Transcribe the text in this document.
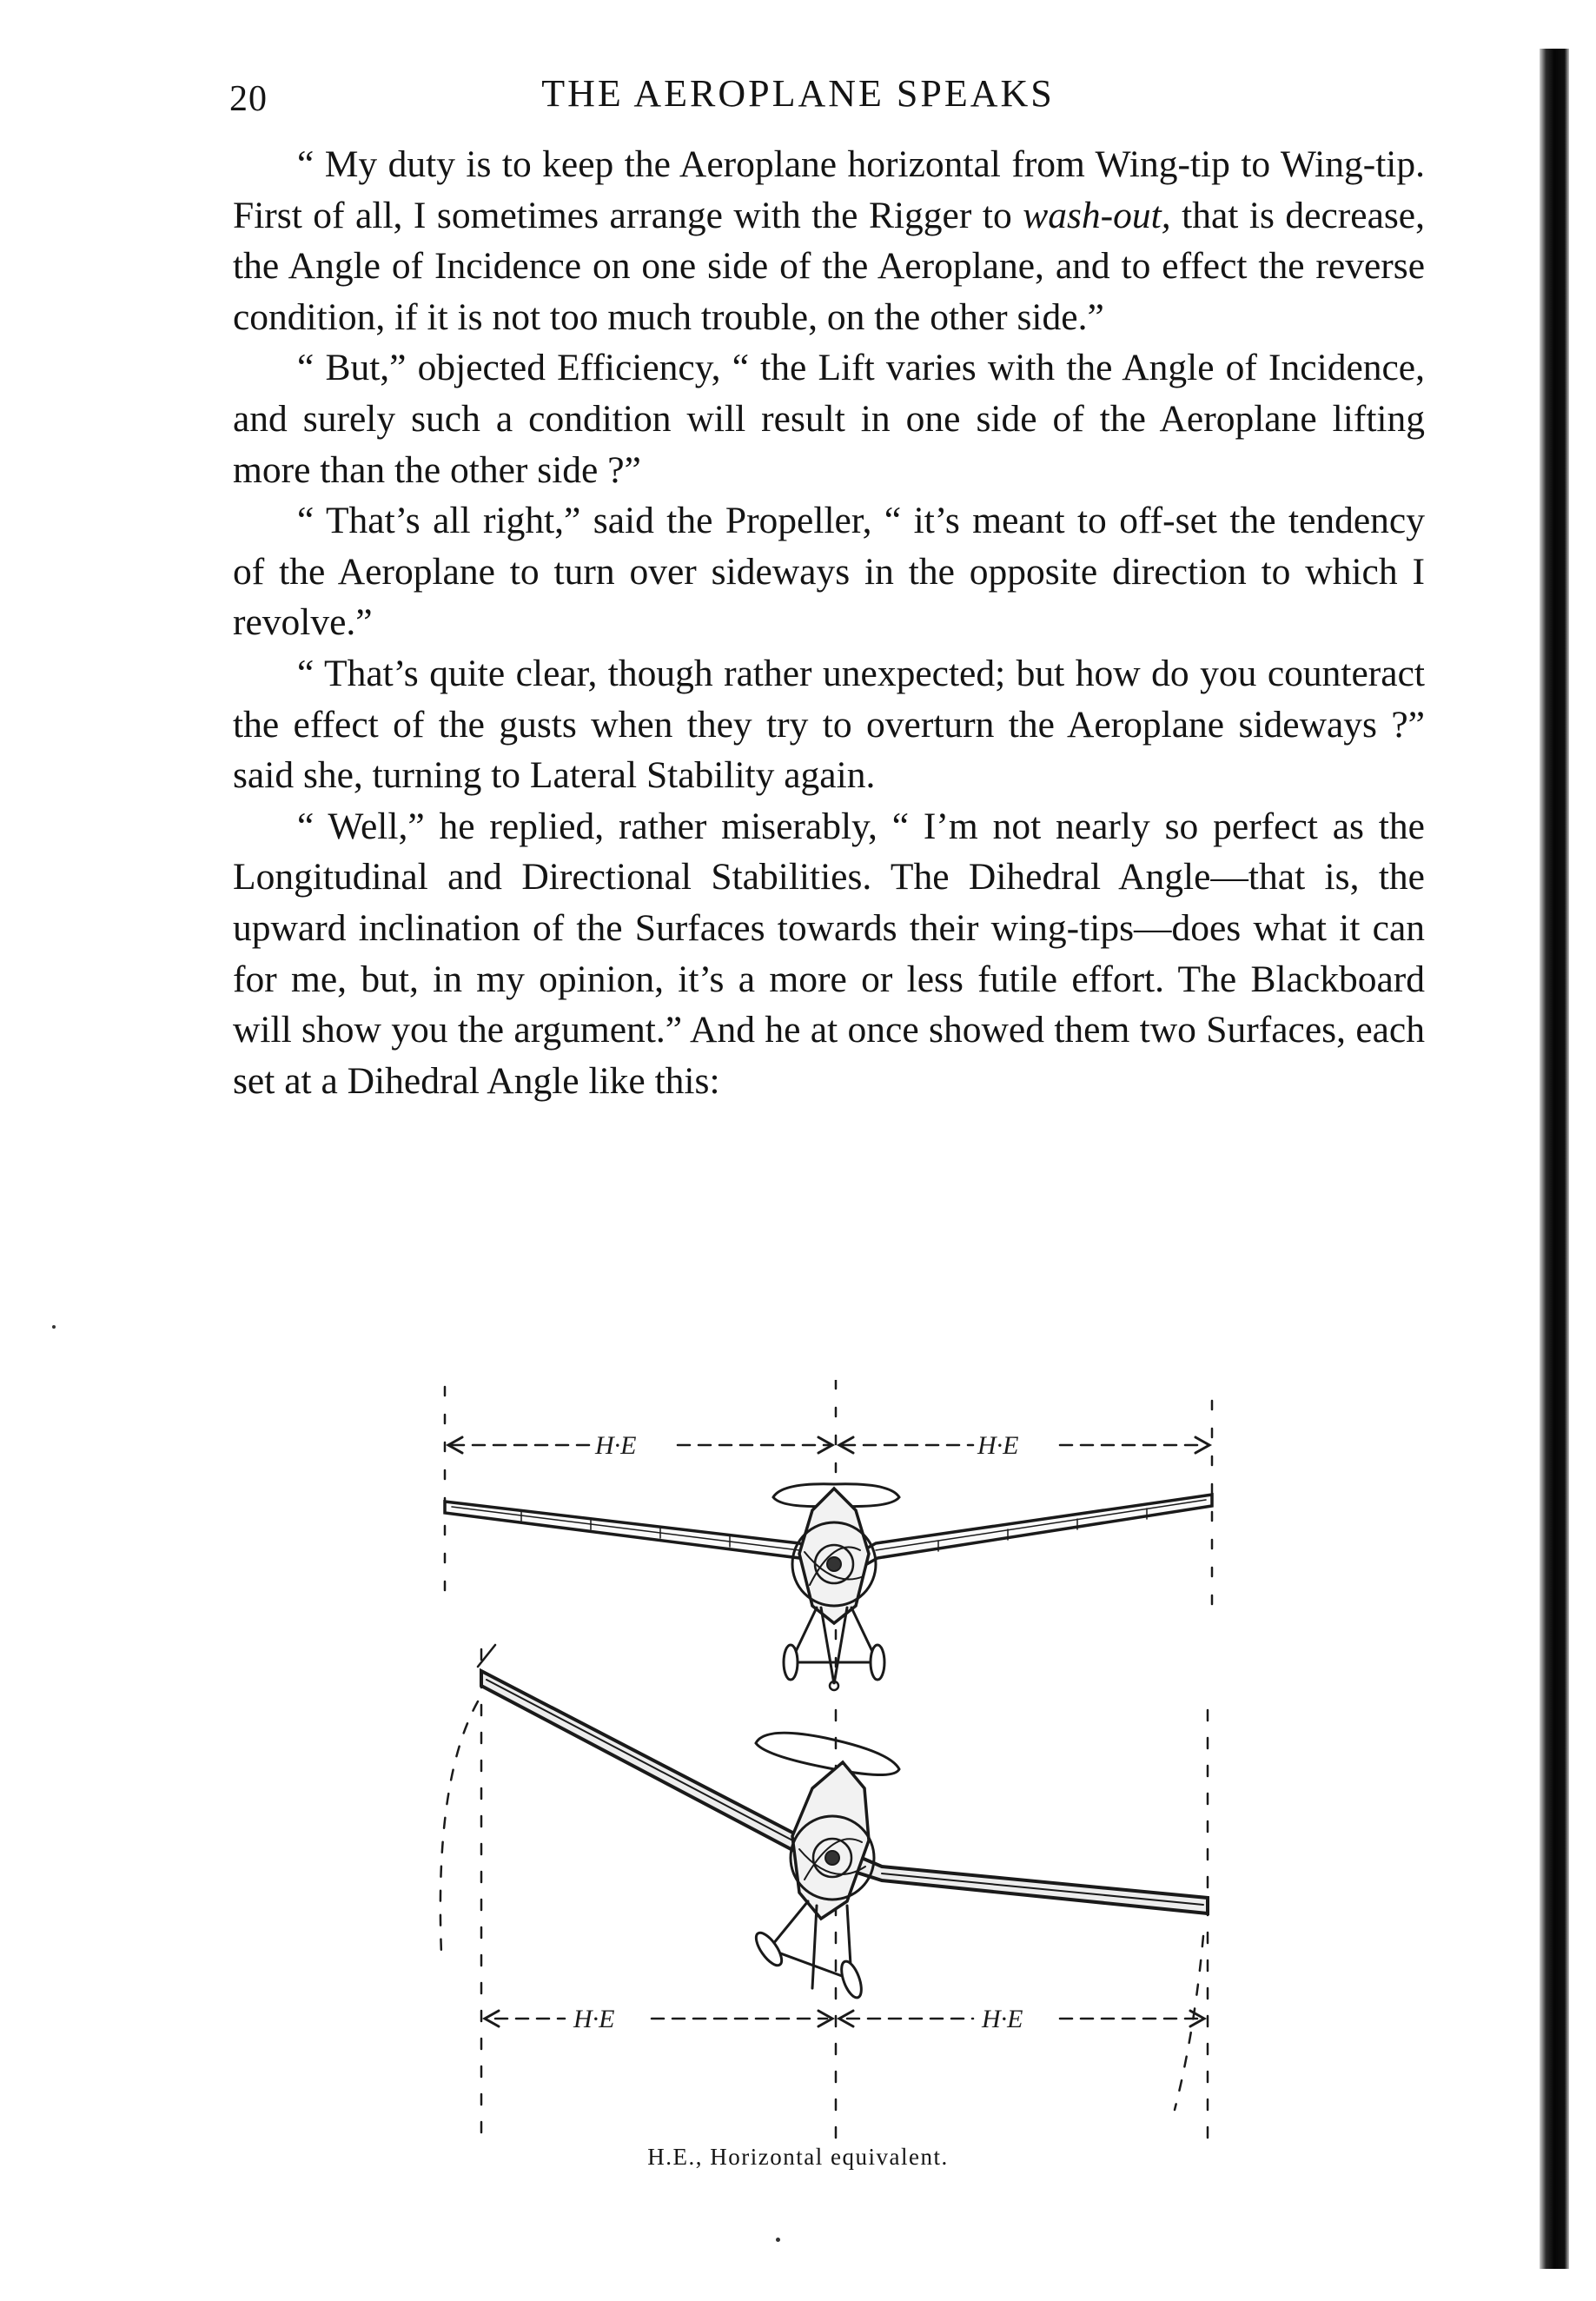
20	THE AEROPLANE SPEAKS

“ My duty is to keep the Aeroplane horizontal from Wing-tip to Wing-tip. First of all, I sometimes arrange with the Rigger to wash-out, that is decrease, the Angle of Incidence on one side of the Aeroplane, and to effect the reverse condition, if it is not too much trouble, on the other side.”

“ But,” objected Efficiency, “ the Lift varies with the Angle of Incidence, and surely such a condition will result in one side of the Aeroplane lifting more than the other side ?”

“ That’s all right,” said the Propeller, “ it’s meant to off-set the tendency of the Aeroplane to turn over sideways in the opposite direction to which I revolve.”

“ That’s quite clear, though rather unexpected; but how do you counteract the effect of the gusts when they try to overturn the Aeroplane sideways ?” said she, turning to Lateral Stability again.

“ Well,” he replied, rather miserably, “ I’m not nearly so perfect as the Longitudinal and Directional Stabilities. The Dihedral Angle—that is, the upward inclination of the Surfaces towards their wing-tips—does what it can for me, but, in my opinion, it’s a more or less futile effort. The Blackboard will show you the argument.” And he at once showed them two Surfaces, each set at a Dihedral Angle like this:

H·E	H·E
H·E	H·E
H.E., Horizontal equivalent.
